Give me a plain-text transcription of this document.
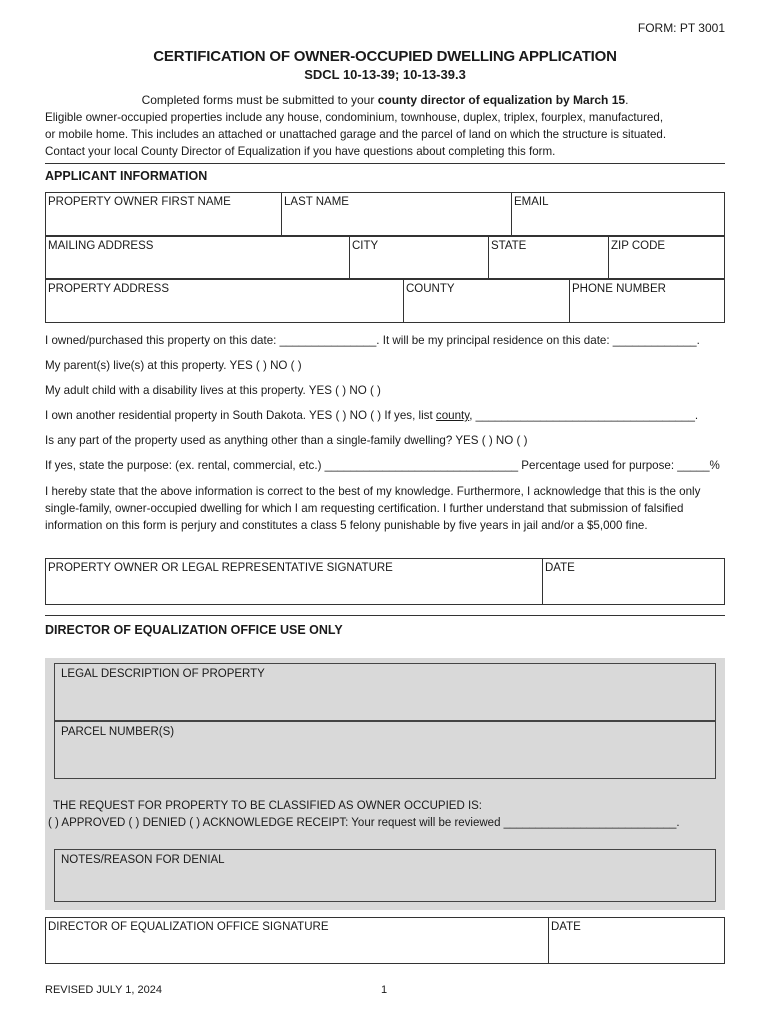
FORM: PT 3001
CERTIFICATION OF OWNER-OCCUPIED DWELLING APPLICATION
SDCL 10-13-39; 10-13-39.3
Completed forms must be submitted to your county director of equalization by March 15.
Eligible owner-occupied properties include any house, condominium, townhouse, duplex, triplex, fourplex, manufactured,
or mobile home. This includes an attached or unattached garage and the parcel of land on which the structure is situated.
Contact your local County Director of Equalization if you have questions about completing this form.
APPLICANT INFORMATION
PROPERTY OWNER FIRST NAME	LAST NAME	EMAIL
MAILING ADDRESS	CITY	STATE	ZIP CODE
PROPERTY ADDRESS	COUNTY	PHONE NUMBER
I owned/purchased this property on this date: _______________. It will be my principal residence on this date: _____________.
My parent(s) live(s) at this property. YES ( ) NO ( )
My adult child with a disability lives at this property. YES ( ) NO ( )
I own another residential property in South Dakota. YES ( ) NO ( ) If yes, list county, __________________________________.
Is any part of the property used as anything other than a single-family dwelling? YES ( ) NO ( )
If yes, state the purpose: (ex. rental, commercial, etc.) ______________________________ Percentage used for purpose: _____%
I hereby state that the above information is correct to the best of my knowledge. Furthermore, I acknowledge that this is the only single-family, owner-occupied dwelling for which I am requesting certification. I further understand that submission of falsified information on this form is perjury and constitutes a class 5 felony punishable by five years in jail and/or a $5,000 fine.
PROPERTY OWNER OR LEGAL REPRESENTATIVE SIGNATURE	DATE
DIRECTOR OF EQUALIZATION OFFICE USE ONLY
LEGAL DESCRIPTION OF PROPERTY
PARCEL NUMBER(S)
THE REQUEST FOR PROPERTY TO BE CLASSIFIED AS OWNER OCCUPIED IS:
( ) APPROVED ( ) DENIED ( ) ACKNOWLEDGE RECEIPT: Your request will be reviewed ___________________________.
NOTES/REASON FOR DENIAL
DIRECTOR OF EQUALIZATION OFFICE SIGNATURE	DATE
REVISED JULY 1, 2024	1
